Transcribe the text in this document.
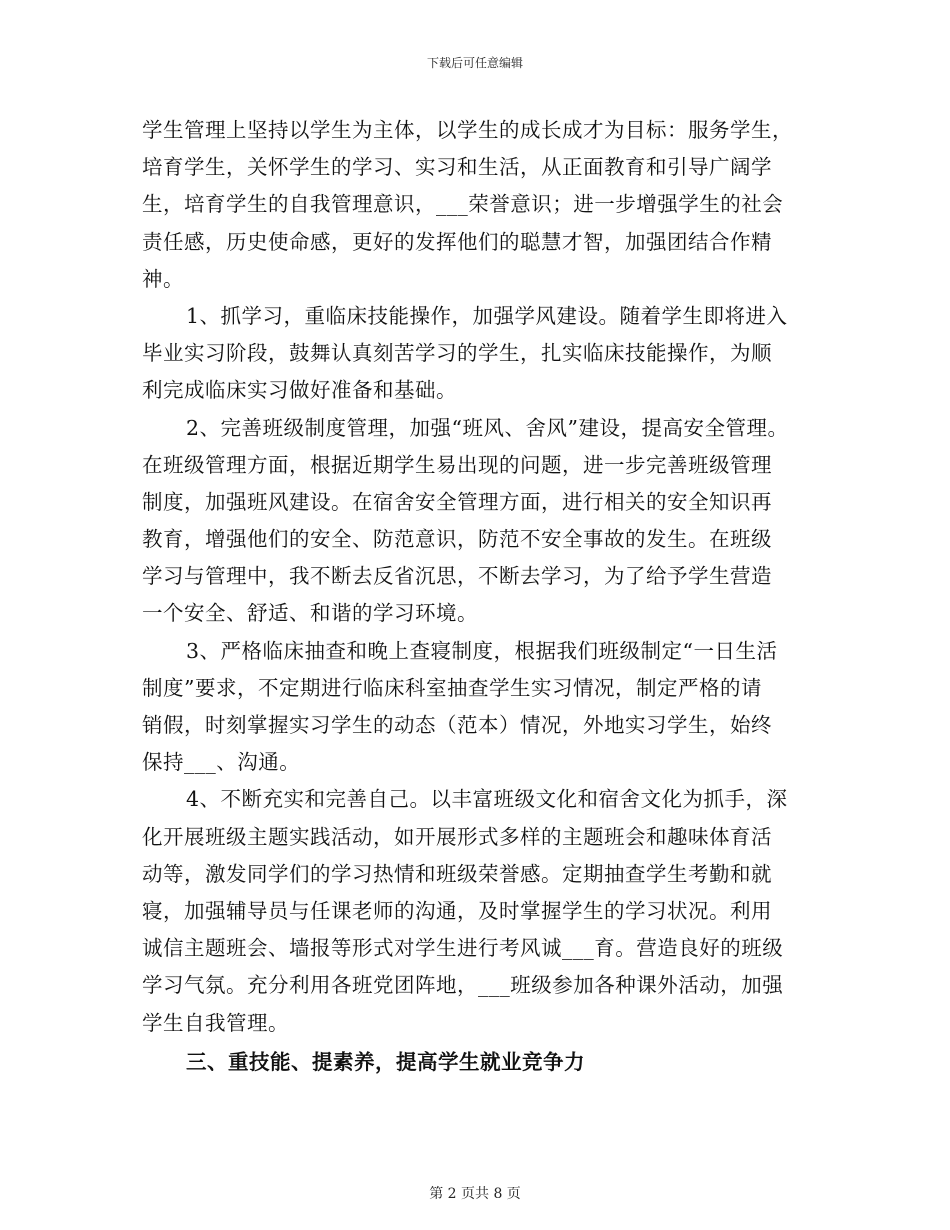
下载后可任意编辑
学生管理上坚持以学生为主体，以学生的成长成才为目标：服务学生，
培育学生，关怀学生的学习、实习和生活，从正面教育和引导广阔学
生，培育学生的自我管理意识，___荣誉意识；进一步增强学生的社会
责任感，历史使命感，更好的发挥他们的聪慧才智，加强团结合作精
神。
1、抓学习，重临床技能操作，加强学风建设。随着学生即将进入
毕业实习阶段，鼓舞认真刻苦学习的学生，扎实临床技能操作，为顺
利完成临床实习做好准备和基础。
2、完善班级制度管理，加强“班风、舍风”建设，提高安全管理。
在班级管理方面，根据近期学生易出现的问题，进一步完善班级管理
制度，加强班风建设。在宿舍安全管理方面，进行相关的安全知识再
教育，增强他们的安全、防范意识，防范不安全事故的发生。在班级
学习与管理中，我不断去反省沉思，不断去学习，为了给予学生营造
一个安全、舒适、和谐的学习环境。
3、严格临床抽查和晚上查寝制度，根据我们班级制定“一日生活
制度”要求，不定期进行临床科室抽查学生实习情况，制定严格的请
销假，时刻掌握实习学生的动态（范本）情况，外地实习学生，始终
保持___、沟通。
4、不断充实和完善自己。以丰富班级文化和宿舍文化为抓手，深
化开展班级主题实践活动，如开展形式多样的主题班会和趣味体育活
动等，激发同学们的学习热情和班级荣誉感。定期抽查学生考勤和就
寝，加强辅导员与任课老师的沟通，及时掌握学生的学习状况。利用
诚信主题班会、墙报等形式对学生进行考风诚___育。营造良好的班级
学习气氛。充分利用各班党团阵地，___班级参加各种课外活动，加强
学生自我管理。
三、重技能、提素养，提高学生就业竞争力
第 2 页共 8 页
